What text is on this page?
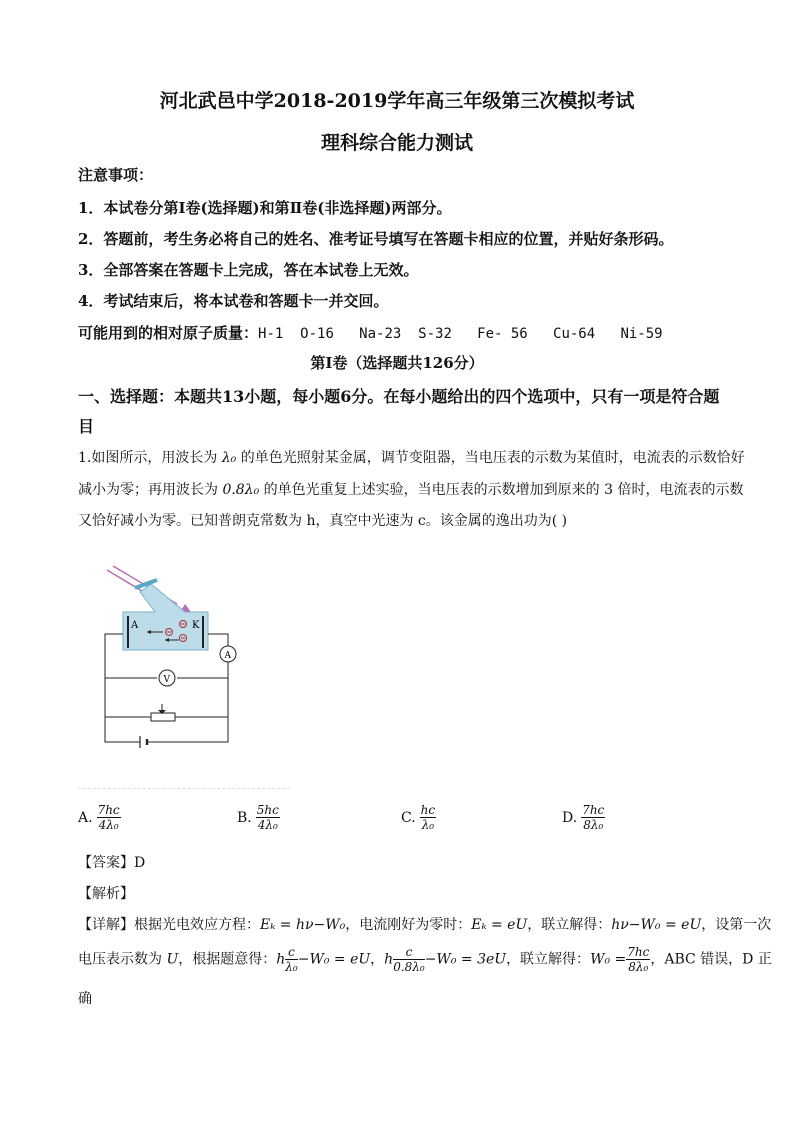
河北武邑中学2018-2019学年高三年级第三次模拟考试
理科综合能力测试
注意事项：
1．本试卷分第Ⅰ卷(选择题)和第Ⅱ卷(非选择题)两部分。
2．答题前，考生务必将自己的姓名、准考证号填写在答题卡相应的位置，并贴好条形码。
3．全部答案在答题卡上完成，答在本试卷上无效。
4．考试结束后，将本试卷和答题卡一并交回。
可能用到的相对原子质量：H-1  O-16   Na-23  S-32   Fe- 56   Cu-64   Ni-59
第Ⅰ卷（选择题共126分）
一、选择题：本题共13小题，每小题6分。在每小题给出的四个选项中，只有一项是符合题
目
1.如图所示，用波长为 λ₀ 的单色光照射某金属，调节变阻器，当电压表的示数为某值时，电流表的示数恰好
减小为零；再用波长为 0.8λ₀ 的单色光重复上述实验，当电压表的示数增加到原来的 3 倍时，电流表的示数
又恰好减小为零。已知普朗克常数为 h，真空中光速为 c。该金属的逸出功为( )
A	K
A
V
A. $\frac{7hc}{\text{4λ₀}}$	B. $\frac{5hc}{\text{4λ₀}}$	C. $\frac{hc}{\text{λ₀}}$	D. $\frac{7hc}{\text{8λ₀}}$
【答案】D
【解析】
【详解】根据光电效应方程：Eₖ = hν−W₀，电流刚好为零时：Eₖ = eU，联立解得：hν−W₀ = eU，设第一次
电压表示数为 U，根据题意得：h $\frac{c}{\text{λ₀}} -W_0$ = eU，h $\frac{c}{\text{0.8λ₀}} -W_0 = 3eU$，联立解得：$W_0 = \frac{7hc}{\text{8λ₀}}$ ，ABC 错误，D 正
确
